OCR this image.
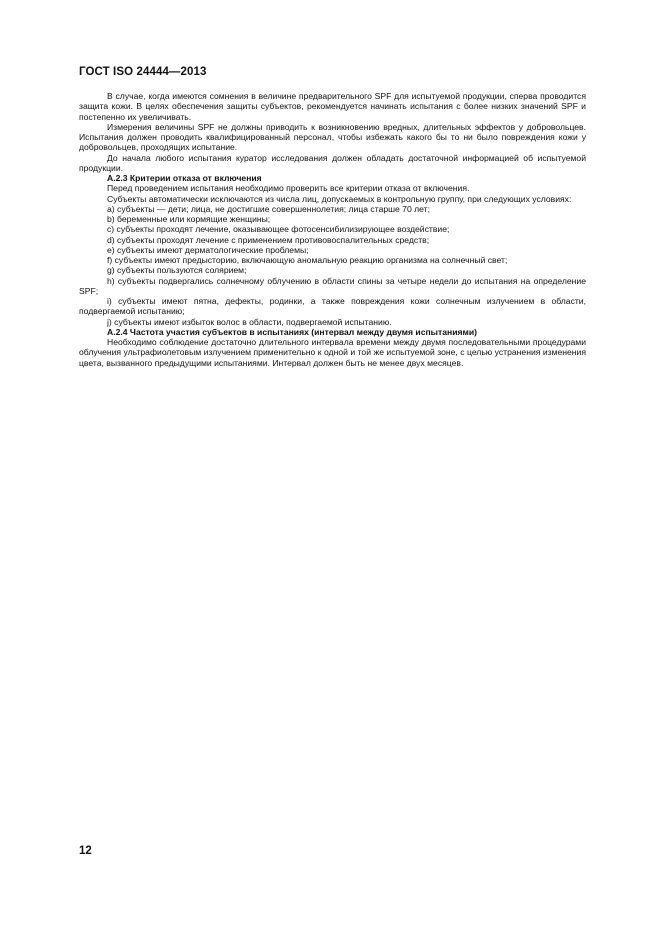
ГОСТ ISO 24444—2013

В случае, когда имеются сомнения в величине предварительного SPF для испытуемой продукции, сперва проводится защита кожи. В целях обеспечения защиты субъектов, рекомендуется начинать испытания с более низких значений SPF и постепенно их увеличивать.

Измерения величины SPF не должны приводить к возникновению вредных, длительных эффектов у добровольцев. Испытания должен проводить квалифицированный персонал, чтобы избежать какого бы то ни было повреждения кожи у добровольцев, проходящих испытание.

До начала любого испытания куратор исследования должен обладать достаточной информацией об испытуемой продукции.

А.2.3 Критерии отказа от включения

Перед проведением испытания необходимо проверить все критерии отказа от включения.

Субъекты автоматически исключаются из числа лиц, допускаемых в контрольную группу, при следующих условиях:

a) субъекты — дети; лица, не достигшие совершеннолетия; лица старше 70 лет;

b) беременные или кормящие женщины;

c) субъекты проходят лечение, оказывающее фотосенсибилизирующее воздействие;

d) субъекты проходят лечение с применением противовоспалительных средств;

e) субъекты имеют дерматологические проблемы;

f) субъекты имеют предысторию, включающую аномальную реакцию организма на солнечный свет;

g) субъекты пользуются солярием;

h) субъекты подвергались солнечному облучению в области спины за четыре недели до испытания на определение SPF;

i) субъекты имеют пятна, дефекты, родинки, а также повреждения кожи солнечным излучением в области, подвергаемой испытанию;

j) субъекты имеют избыток волос в области, подвергаемой испытанию.

А.2.4 Частота участия субъектов в испытаниях (интервал между двумя испытаниями)

Необходимо соблюдение достаточно длительного интервала времени между двумя последовательными процедурами облучения ультрафиолетовым излучением применительно к одной и той же испытуемой зоне, с целью устранения изменения цвета, вызванного предыдущими испытаниями. Интервал должен быть не менее двух месяцев.

12
